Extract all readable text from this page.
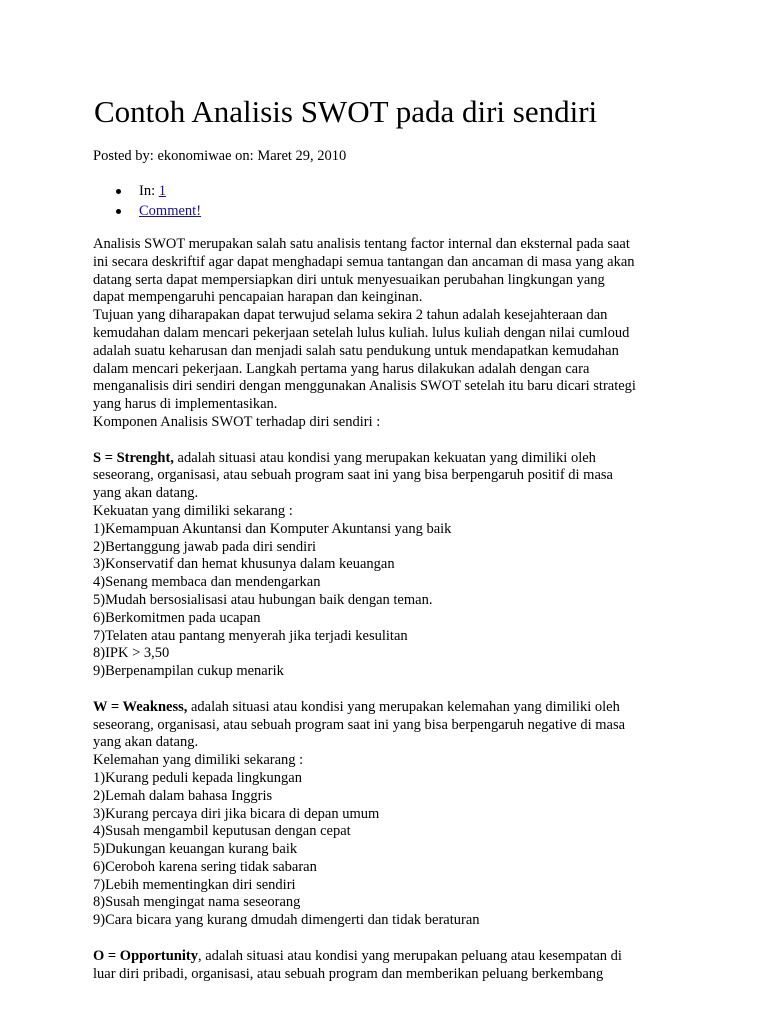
Contoh Analisis SWOT pada diri sendiri

Posted by: ekonomiwae on: Maret 29, 2010

In: 1
Comment!

Analisis SWOT merupakan salah satu analisis tentang factor internal dan eksternal pada saat

ini secara deskriftif agar dapat menghadapi semua tantangan dan ancaman di masa yang akan

datang serta dapat mempersiapkan diri untuk menyesuaikan perubahan lingkungan yang

dapat mempengaruhi pencapaian harapan dan keinginan.

Tujuan yang diharapakan dapat terwujud selama sekira 2 tahun adalah kesejahteraan dan

kemudahan dalam mencari pekerjaan setelah lulus kuliah. lulus kuliah dengan nilai cumloud

adalah suatu keharusan dan menjadi salah satu pendukung untuk mendapatkan kemudahan

dalam mencari pekerjaan. Langkah pertama yang harus dilakukan adalah dengan cara

menganalisis diri sendiri dengan menggunakan Analisis SWOT setelah itu baru dicari strategi

yang harus di implementasikan.

Komponen Analisis SWOT terhadap diri sendiri :

S = Strenght, adalah situasi atau kondisi yang merupakan kekuatan yang dimiliki oleh

seseorang, organisasi, atau sebuah program saat ini yang bisa berpengaruh positif di masa

yang akan datang.

Kekuatan yang dimiliki sekarang :

1)Kemampuan Akuntansi dan Komputer Akuntansi yang baik

2)Bertanggung jawab pada diri sendiri

3)Konservatif dan hemat khusunya dalam keuangan

4)Senang membaca dan mendengarkan

5)Mudah bersosialisasi atau hubungan baik dengan teman.

6)Berkomitmen pada ucapan

7)Telaten atau pantang menyerah jika terjadi kesulitan

8)IPK > 3,50

9)Berpenampilan cukup menarik

W = Weakness, adalah situasi atau kondisi yang merupakan kelemahan yang dimiliki oleh

seseorang, organisasi, atau sebuah program saat ini yang bisa berpengaruh negative di masa

yang akan datang.

Kelemahan yang dimiliki sekarang :

1)Kurang peduli kepada lingkungan

2)Lemah dalam bahasa Inggris

3)Kurang percaya diri jika bicara di depan umum

4)Susah mengambil keputusan dengan cepat

5)Dukungan keuangan kurang baik

6)Ceroboh karena sering tidak sabaran

7)Lebih mementingkan diri sendiri

8)Susah mengingat nama seseorang

9)Cara bicara yang kurang dmudah dimengerti dan tidak beraturan

O = Opportunity, adalah situasi atau kondisi yang merupakan peluang atau kesempatan di

luar diri pribadi, organisasi, atau sebuah program dan memberikan peluang berkembang
